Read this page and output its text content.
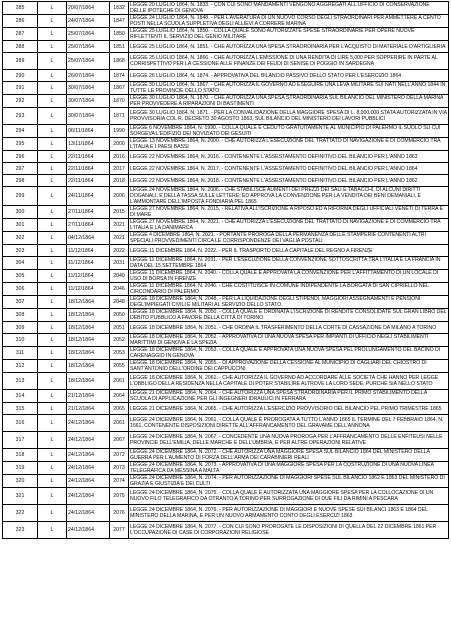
285	L	20/07/1864	1832	LEGGE 20 LUGLIO 1864, N. 1833. - CON CUI SONO MANDAMENTI VENGONO AGGREGATI ALL'UFFICIO DI CONSERVAZIONE DELLE IPOTECHE DI GENOVA
286	L	24/07/1864	1847	LEGGE 24 LUGLIO 1864, N. 1848. - PER L'AVERATURA DI UN NUOVO CORSO DEGLI STRAORDINARI PER AMMETTERE A CENTO POSTI NELLA SCUOLA SUPPLETIVA DEGLI ALLIEVI A CORRERE MARINA
287	L	25/07/1864	1850	LEGGE 25 LUGLIO 1864, N. 1850. - COLLA QUALE SONO AUTORIZZATE SPESE STRAORDINARIE PER OPERE NUOVE RIFLETTENTI IL SERVIZIO DEL GENIO MILITARE
288	L	25/07/1864	1851	LEGGE 25 LUGLIO 1864, N. 1851. - CHE AUTORIZZA UNA SPESA STRAORDINARIA PER L'ACQUISTO DI MATERIALE D'ARTIGLIERIA
289	L	25/07/1864	1868	LEGGE 25 LUGLIO 1864, N. 1866. - CHE AUTORIZZA L'EMISSIONE DI UNA RENDITA DI LIRE 5,000 PER SOPPERIRE IN PARTE AL CORRISPETTIVO PER LA CESSIONE ALLE FINANZE DEI FEUDI DI SENISE DI POGGIO IN SARDEGNA
290	L	26/07/1864	1874	LEGGE 26 LUGLIO 1864, N. 1874. - APPROVATIVA DEL BILANCIO PASSIVO DELLO STATO PER L'ESERCIZIO 1864
291	L	30/07/1864	1867	LEGGE 30 LUGLIO 1864, N. 1867. - CHE AUTORIZZA IL GOVERNO AD ESEGUIRE UNA LEVA MILITARE SUI NATI NELL'ANNO 1844 IN TUTTE LE PROVINCIE DELLO STATO
292	L	30/07/1864	1870	LEGGE 30 LUGLIO 1864, N. 1870. - CHE AUTORIZZA UNA SPESA STRAORDINARIA SUL BILANCIO DEL MINISTERO DELLA MARINA PER PROVVEDERE A RIPARAZIONI DI BASTIMENTI
293	L	30/07/1864	1871	LEGGE 30 LUGLIO 1864, N. 1871. - PER LA CONVALIDAZIONE DELLA MAGGIORE SPESA DI L. 8,000,000 STATA AUTORIZZATA IN VIA PROVVISORIA COL R. DECRETO 30 AGOSTO 1863, SUL BILANCIO DEL MINISTERO DEI LAVORI PUBBLICI
294	L	06/11/1864	1990	LEGGE 6 NOVEMBRE 1864, N. 1990. - COLLA QUALE È CEDUTO GRATUITAMENTE AL MUNICIPIO DI PALERMO IL SUOLO SU CUI SORGEVA L'EDIFIZIO DEI NOVIZIATO DEI GESUITI
295	L	13/11/1864	2000	LEGGE 13 NOVEMBRE 1864, N. 2000. - CHE AUTORIZZA L'ESECUZIONE DEL TRATTATO DI NAVIGAZIONE E DI COMMERCIO TRA L'ITALIA E I PAESI BASSI
296	L	22/11/1864	2016	LEGGE 22 NOVEMBRE 1864, N. 2016. - CONTENENTE L'ASSESTAMENTO DEFINITIVO DEL BILANCIO PER L'ANNO 1863
297	L	22/11/1864	2017	LEGGE 22 NOVEMBRE 1864, N. 2017. - CONTENENTE L'ASSESTAMENTO DEFINITIVO DEL BILANCIO PER L'ANNO 1864
298	L	22/11/1864	2018	LEGGE 22 NOVEMBRE 1864, N. 2018. - CONTENENTE L'ASSESTAMENTO DEFINITIVO DEL BILANCIO PER L'ANNO 1862
299	L	24/11/1864	2006	LEGGE 24 NOVEMBRE 1864, N. 2006. - CHE STABILISCE AUMENTI DEI PREZZI DEI SALI E TABACCHI, DI ALCUNI DIRITTI DOGANALI, E DELLA TASSA SULLE LETTERE; ED APPROVA LA CONVENZIONE PER LA VENDITA DEI BENI DEMANIALI, E L'AMMONTARE DELL'IMPOSTA FONDIARIA PEL 1865
300	L	27/11/1864	2015	LEGGE 27 NOVEMBRE 1864, N. 2015. - RELATIVA ALL'ISCRIZIONE A RIPOSO ED A RIFORMA DEGLI UFFICIALI VENETI DI TERRA E DI MARE
301	L	27/11/1864	2021	LEGGE 27 NOVEMBRE 1864, N. 2021. - CHE AUTORIZZA L'ESECUZIONE DEL TRATTATO DI NAVIGAZIONE E DI COMMERCIO TRA L'ITALIA E LA DANIMARCA
302	L	04/12/1864	2021	LEGGE 4 DICEMBRE 1864, N. 2021. - PORTANTE PROROGA DELLA PERMANENZA DELLE STAMPERIE CONTENENTI ALTRI SPECIALI PROVVEDIMENTI CIRCA LE CORRISPONDENZE DEI VAGLIA POSTALI
303	L	11/12/1864	2022	LEGGE 11 DICEMBRE 1864, N. 2022. - PER IL TRASPORTO DELLA CAPITALE DEL REGNO A FIRENZE
304	L	11/12/1864	2031	LEGGE 11 DICEMBRE 1864, N. 2031. - PER L'ESECUZIONE DELLA CONVENZIONE SOTTOSCRITTA TRA L'ITALIA E LA FRANCIA IN DATA DEL 15 SETTEMBRE 1864
305	L	11/12/1864	2040	LEGGE 11 DICEMBRE 1864, N. 2040. - COLLA QUALE È APPROVATA LA CONVENZIONE PER L'AFFITTAMENTO DI UN LOCALE DI USO DI BORSA IN FIRENZE
306	L	11/12/1864	2046	LEGGE 11 DICEMBRE 1864, N. 2046. - CHE COSTITUISCE IN COMUNE INDIPENDENTE LA BORGATA DI SAN CIPRIELLO NEL CIRCONDARIO DI PALERMO
307	L	18/12/1864	2048	LEGGE 18 DICEMBRE 1864, N. 2048. - PER LA LIQUIDAZIONE DEGLI STIPENDI, MAGGIORI ASSEGNAMENTI E PENSIONI DEGL'IMPIEGATI CIVILI E MILITARI AL SERVIZIO DELLO STATO
308	L	18/12/1864	2050	LEGGE 18 DICEMBRE 1864, N. 2050. - COLLA QUALE È ORDINATA L'ISCRIZIONE DI RENDITE CONSOLIDATE SUL GRAN LIBRO DEL DEBITO PUBBLICO A FAVORE DELLA CITTÀ DI TORINO
309	L	18/12/1864	2051	LEGGE 18 DICEMBRE 1864, N. 2051. - CHE ORDINA IL TRASFERIMENTO DELLA CORTE DI CASSAZIONE DA MILANO A TORINO
310	L	18/12/1864	2052	LEGGE 18 DICEMBRE 1864, N. 2052. - APPROVATIVA DI UNA NUOVA SPESA PER IMPIANTI DI UFFICIO NEGLI STABILIMENTI MARITTIMI DI GENOVA E LA SPEZIA
311	L	18/12/1864	2053	LEGGE 18 DICEMBRE 1864, N. 2053. - COLLA QUALE È APPROVATA UNA NUOVA SPESA PEL PROLUNGAMENTO DEL BACINO DI CARENAGGIO IN GENOVA
312	L	18/12/1864	2055	LEGGE 18 DICEMBRE 1864, N. 2055. - DI APPROVAZIONE DELLA CESSIONE AL MUNICIPIO DI CAGLIARI DEL CHIOSTRO DI SANT'ANTONIO DELL'ORDINE DEI CAPPUCCINI
313	L	18/12/1864	2061	LEGGE 18 DICEMBRE 1864, N. 2061. - CHE AUTORIZZA IL GOVERNO AD ACCORDARE ALLE SOCIETÀ CHE HANNO PER LEGGE L'OBBLIGO DELLA RESIDENZA NELLA CAPITALE DI POTER STABILIRE ALTROVE LA LORO SEDE, PURCHÉ SIA NELLO STATO
314	L	21/12/1864	2064	LEGGE 21 DICEMBRE 1864, N. 2064. - CHE AUTORIZZA UNA SPESA STRAORDINARIA PER IL PRIMO STABILIMENTO DELLA SCUOLA DI APPLICAZIONE PER GLI INGEGNERI IDRAULICI IN FERRARA
315	L	21/12/1864	2065	LEGGE 21 DICEMBRE 1864, N. 2065. - CHE AUTORIZZA L'ESERCIZIO PROVVISORIO DEL BILANCIO PEL PRIMO TRIMESTRE 1865
316	L	24/12/1864	2061	LEGGE 24 DICEMBRE 1864, N. 2061. - COLLA QUALE È PROROGATA A TUTTO L'ANNO 1865 IL TERMINE DEL 7 FEBBRAIO 1864, N. 1661, CONTENENTE DISPOSIZIONI DIRETTE ALL'AFFRANCAMENTO DEL GRAVAME DELL'ANNONA
317	L	24/12/1864	2067	LEGGE 24 DICEMBRE 1864, N. 2067. - CONCEDENTE UNA NUOVA PROROGA PER L'AFFRANCAMENTO DELLE ENFITEUSI NELLE PROVINCIE DELL'EMILIA, DELLE MARCHE E DELL'UMBRIA, E PER ALTRE OPERAZIONI RELATIVE
318	L	24/12/1864	2072	LEGGE 24 DICEMBRE 1864, N. 2072. - CHE AUTORIZZA UNA MAGGIORE SPESA SUL BILANCIO 1864 DEL MINISTERO DELLA GUERRA PER L'AUMENTO DI FORZA DELL'ARMA DEI CARABINIERI REALI
319	L	24/12/1864	2073	LEGGE 24 DICEMBRE 1864, N. 2073. - APPROVATIVA DI UNA MAGGIORE SPESA PER LA COSTRUZIONE DI UNA NUOVA LINEA TELEGRAFICA DA MESSINA A MALTA
320	L	24/12/1864	2074	LEGGE 24 DICEMBRE 1864, N. 2074. - PER AUTORIZZAZIONE DI MAGGIORI SPESE SUL BILANCIO 1862 E 1863 DEL MINISTERO DI GRAZIA E GIUSTIZIA E DEI CULTI
321	L	24/12/1864	2075	LEGGE 24 DICEMBRE 1864, N. 2075. - COLLA QUALE È AUTORIZZATA UNA MAGGIORE SPESA PER LA COLLOCAZIONE DI UN NUOVO FILO TELEGRAFICO DA OTRANTO A TORINO PER SURROGAZIONE DI DUE FILI DA RIMINI A PESCARA
322	L	24/12/1864	2076	LEGGE 24 DICEMBRE 1864, N. 2076. - PER AUTORIZZAZIONE DI MAGGIORI E NUOVE SPESE SUI BILANCI 1863 E 1864 DEL MINISTERO DELLA MARINA, E PER UN NUOVO ARMAMENTO CONTO DEGLI ESERCIZI 1863
323	L	24/12/1864	2077	LEGGE 24 DICEMBRE 1864, N. 2077. - CON CUI SONO PROROGATE LE DISPOSIZIONI DI QUELLA DEL 22 DICEMBRE 1861 PER L'OCCUPAZIONE DI CASE DI CORPORAZIONI RELIGIOSE
